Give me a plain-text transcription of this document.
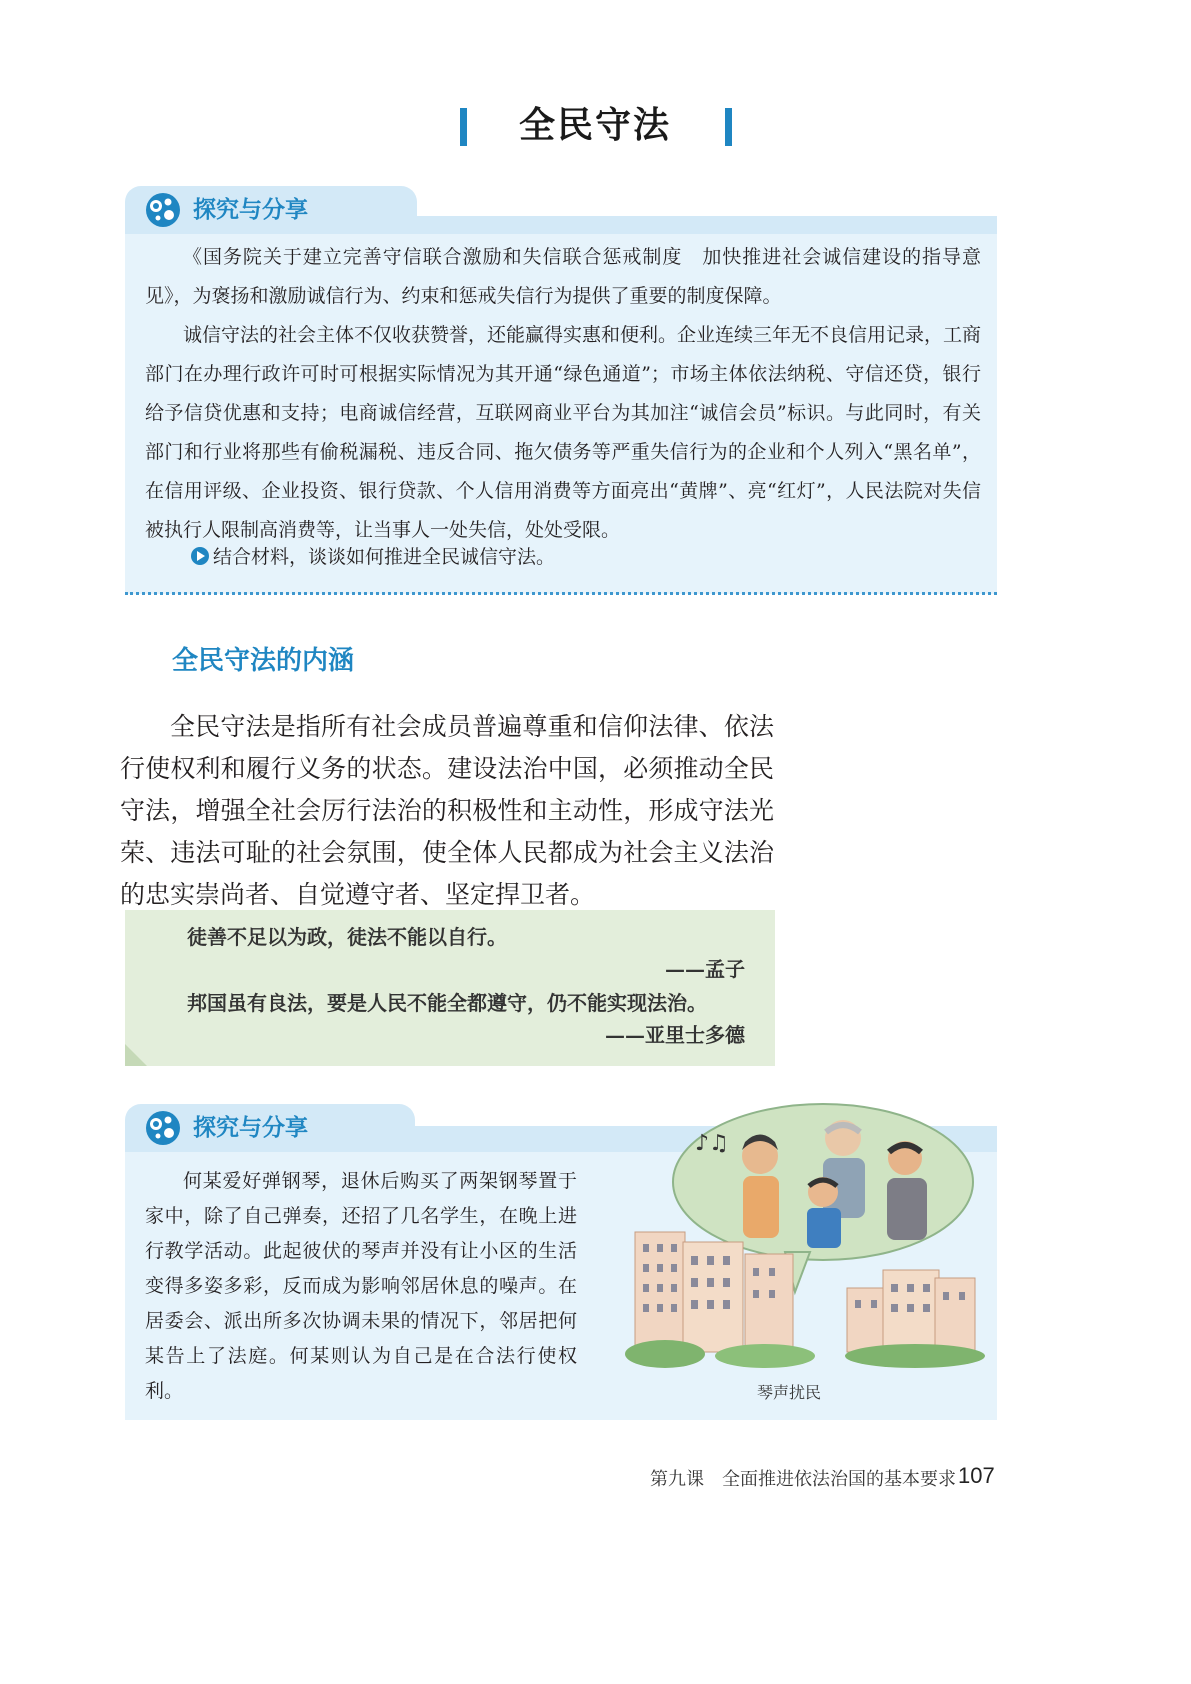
全民守法
探究与分享

《国务院关于建立完善守信联合激励和失信联合惩戒制度　加快推进社会诚信建设的指导意见》，为褒扬和激励诚信行为、约束和惩戒失信行为提供了重要的制度保障。

诚信守法的社会主体不仅收获赞誉，还能赢得实惠和便利。企业连续三年无不良信用记录，工商部门在办理行政许可时可根据实际情况为其开通“绿色通道”；市场主体依法纳税、守信还贷，银行给予信贷优惠和支持；电商诚信经营，互联网商业平台为其加注“诚信会员”标识。与此同时，有关部门和行业将那些有偷税漏税、违反合同、拖欠债务等严重失信行为的企业和个人列入“黑名单”，在信用评级、企业投资、银行贷款、个人信用消费等方面亮出“黄牌”、亮“红灯”，人民法院对失信被执行人限制高消费等，让当事人一处失信，处处受限。

结合材料，谈谈如何推进全民诚信守法。
全民守法的内涵

全民守法是指所有社会成员普遍尊重和信仰法律、依法行使权利和履行义务的状态。建设法治中国，必须推动全民守法，增强全社会厉行法治的积极性和主动性，形成守法光荣、违法可耻的社会氛围，使全体人民都成为社会主义法治的忠实崇尚者、自觉遵守者、坚定捍卫者。

徒善不足以为政，徒法不能以自行。
——孟子
邦国虽有良法，要是人民不能全都遵守，仍不能实现法治。
——亚里士多德
探究与分享

何某爱好弹钢琴，退休后购买了两架钢琴置于家中，除了自己弹奏，还招了几名学生，在晚上进行教学活动。此起彼伏的琴声并没有让小区的生活变得多姿多彩，反而成为影响邻居休息的噪声。在居委会、派出所多次协调未果的情况下，邻居把何某告上了法庭。何某则认为自己是在合法行使权利。

♪♫
琴声扰民
第九课　全面推进依法治国的基本要求 107
